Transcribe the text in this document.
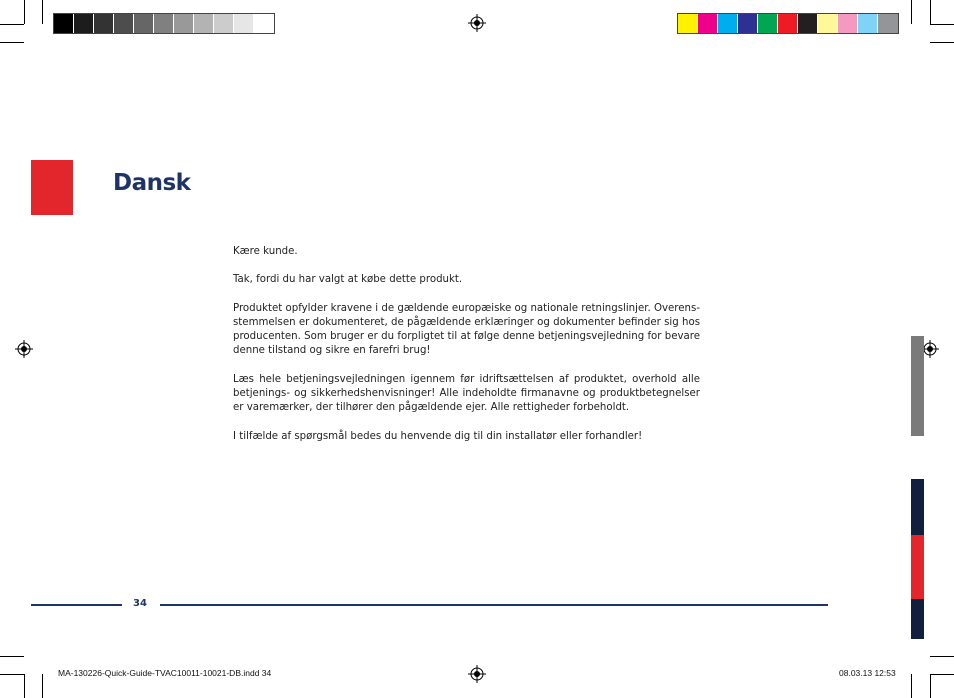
Dansk

Kære kunde.

Tak, fordi du har valgt at købe dette produkt.

Produktet opfylder kravene i de gældende europæiske og nationale retningslinjer. Overensstemmelsen er dokumenteret, de pågældende erklæringer og dokumenter befinder sig hos producenten. Som bruger er du forpligtet til at følge denne betjeningsvejledning for bevare denne tilstand og sikre en farefri brug!

Læs hele betjeningsvejledningen igennem før idriftsættelsen af produktet, overhold alle betjenings- og sikkerhedshenvisninger! Alle indeholdte firmanavne og produktbetegnelser er varemærker, der tilhører den pågældende ejer. Alle rettigheder forbeholdt.

I tilfælde af spørgsmål bedes du henvende dig til din installatør eller forhandler!

34
MA-130226-Quick-Guide-TVAC10011-10021-DB.indd 34	08.03.13 12:53
